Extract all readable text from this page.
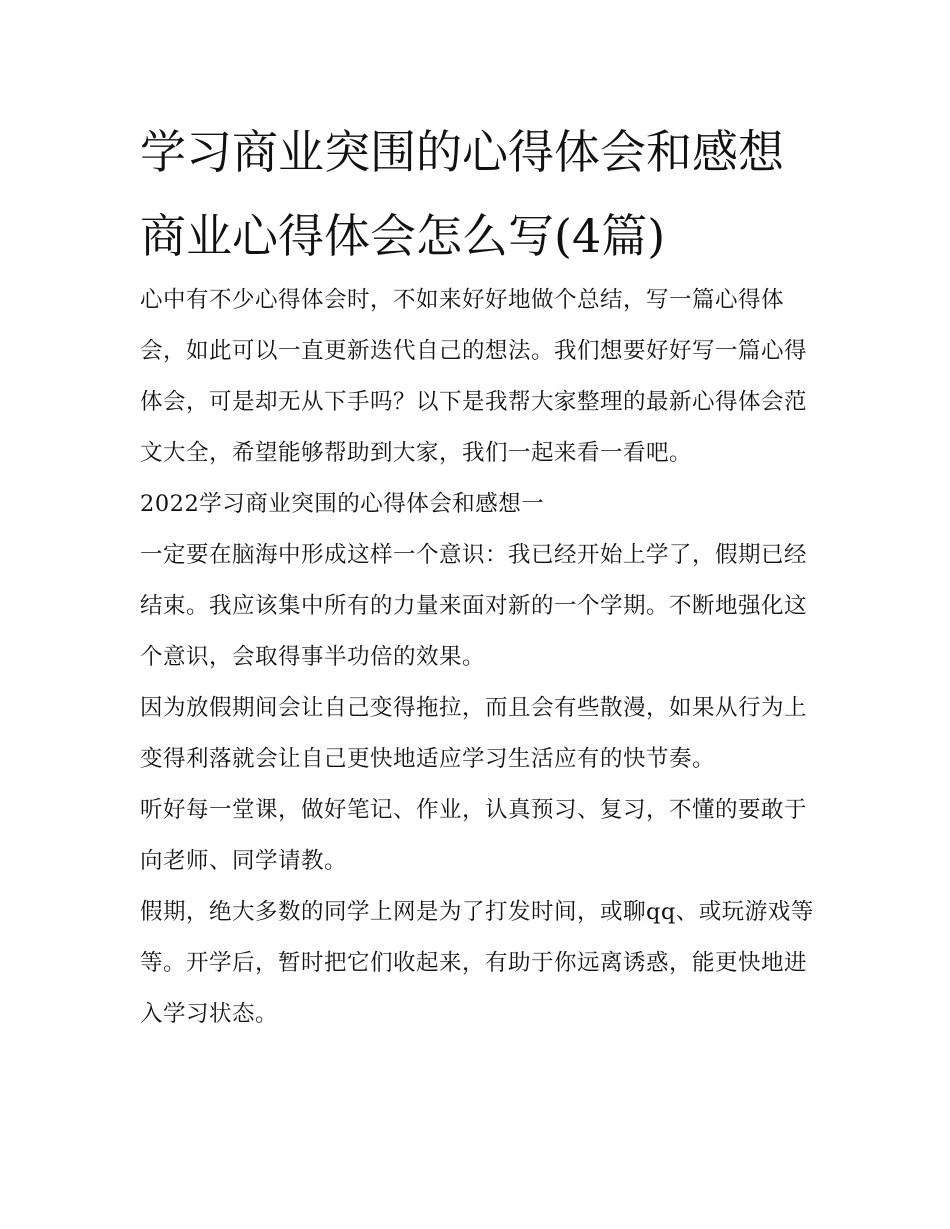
学习商业突围的心得体会和感想 商业心得体会怎么写(4篇)

心中有不少心得体会时，不如来好好地做个总结，写一篇心得体会，如此可以一直更新迭代自己的想法。我们想要好好写一篇心得体会，可是却无从下手吗？以下是我帮大家整理的最新心得体会范文大全，希望能够帮助到大家，我们一起来看一看吧。

2022学习商业突围的心得体会和感想一

一定要在脑海中形成这样一个意识：我已经开始上学了，假期已经结束。我应该集中所有的力量来面对新的一个学期。不断地强化这个意识，会取得事半功倍的效果。

因为放假期间会让自己变得拖拉，而且会有些散漫，如果从行为上变得利落就会让自己更快地适应学习生活应有的快节奏。

听好每一堂课，做好笔记、作业，认真预习、复习，不懂的要敢于向老师、同学请教。

假期，绝大多数的同学上网是为了打发时间，或聊qq、或玩游戏等等。开学后，暂时把它们收起来，有助于你远离诱惑，能更快地进入学习状态。
